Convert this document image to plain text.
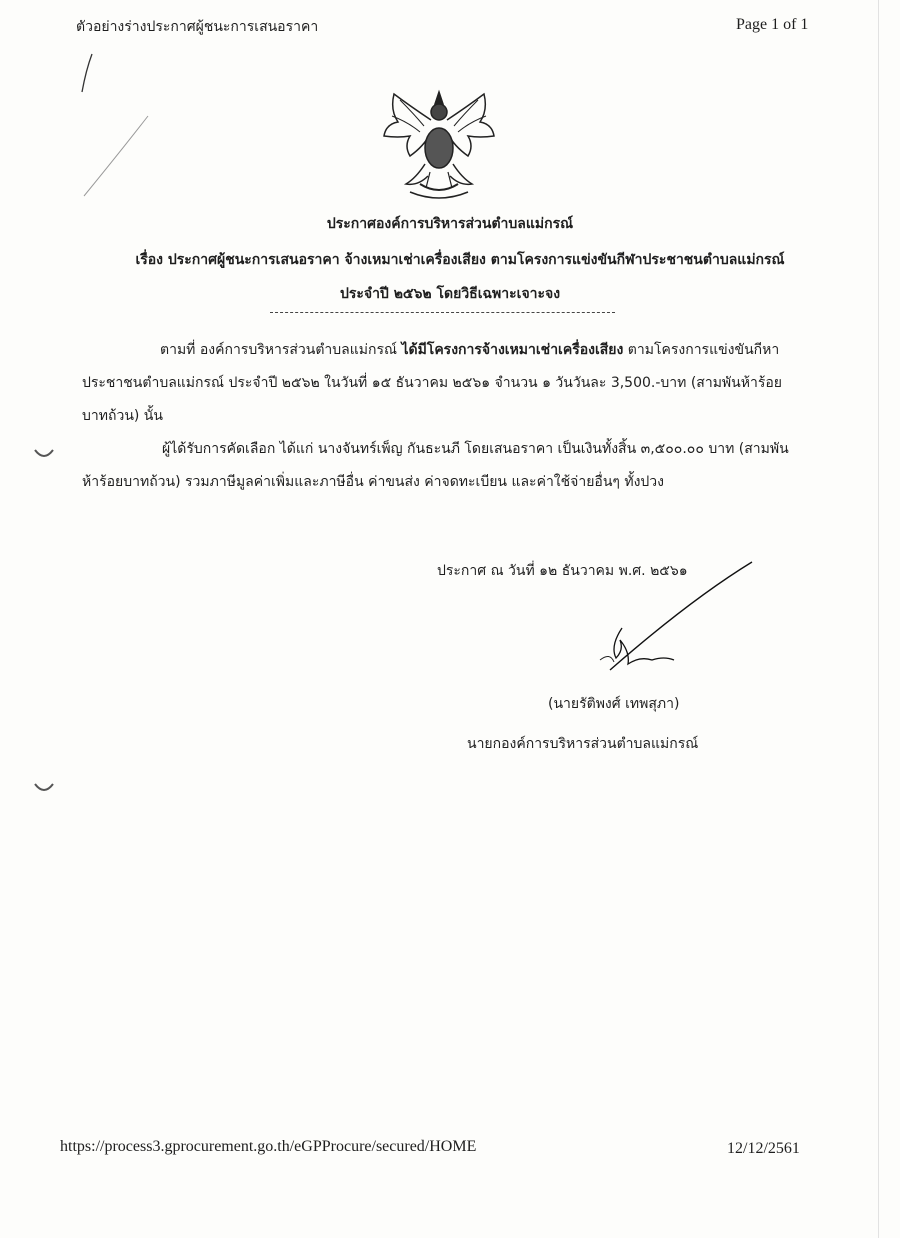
ตัวอย่างร่างประกาศผู้ชนะการเสนอราคา	Page 1 of 1
ประกาศองค์การบริหารส่วนตำบลแม่กรณ์
เรื่อง ประกาศผู้ชนะการเสนอราคา จ้างเหมาเช่าเครื่องเสียง ตามโครงการแข่งขันกีฬาประชาชนตำบลแม่กรณ์
ประจำปี ๒๕๖๒ โดยวิธีเฉพาะเจาะจง
ตามที่ องค์การบริหารส่วนตำบลแม่กรณ์ ได้มีโครงการจ้างเหมาเช่าเครื่องเสียง ตามโครงการแข่งขันกีหา ประชาชนตำบลแม่กรณ์ ประจำปี ๒๕๖๒ ในวันที่ ๑๕ ธันวาคม ๒๕๖๑ จำนวน ๑ วันวันละ 3,500.-บาท (สามพันห้าร้อยบาทถ้วน) นั้น
ผู้ได้รับการคัดเลือก ได้แก่ นางจันทร์เพ็ญ กันธะนภี โดยเสนอราคา เป็นเงินทั้งสิ้น ๓,๕๐๐.๐๐ บาท (สามพันห้าร้อยบาทถ้วน) รวมภาษีมูลค่าเพิ่มและภาษีอื่น ค่าขนส่ง ค่าจดทะเบียน และค่าใช้จ่ายอื่นๆ ทั้งปวง
ประกาศ ณ วันที่ ๑๒ ธันวาคม พ.ศ. ๒๕๖๑
(นายรัติพงศ์ เทพสุภา)
นายกองค์การบริหารส่วนตำบลแม่กรณ์
https://process3.gprocurement.go.th/eGPProcure/secured/HOME	12/12/2561
